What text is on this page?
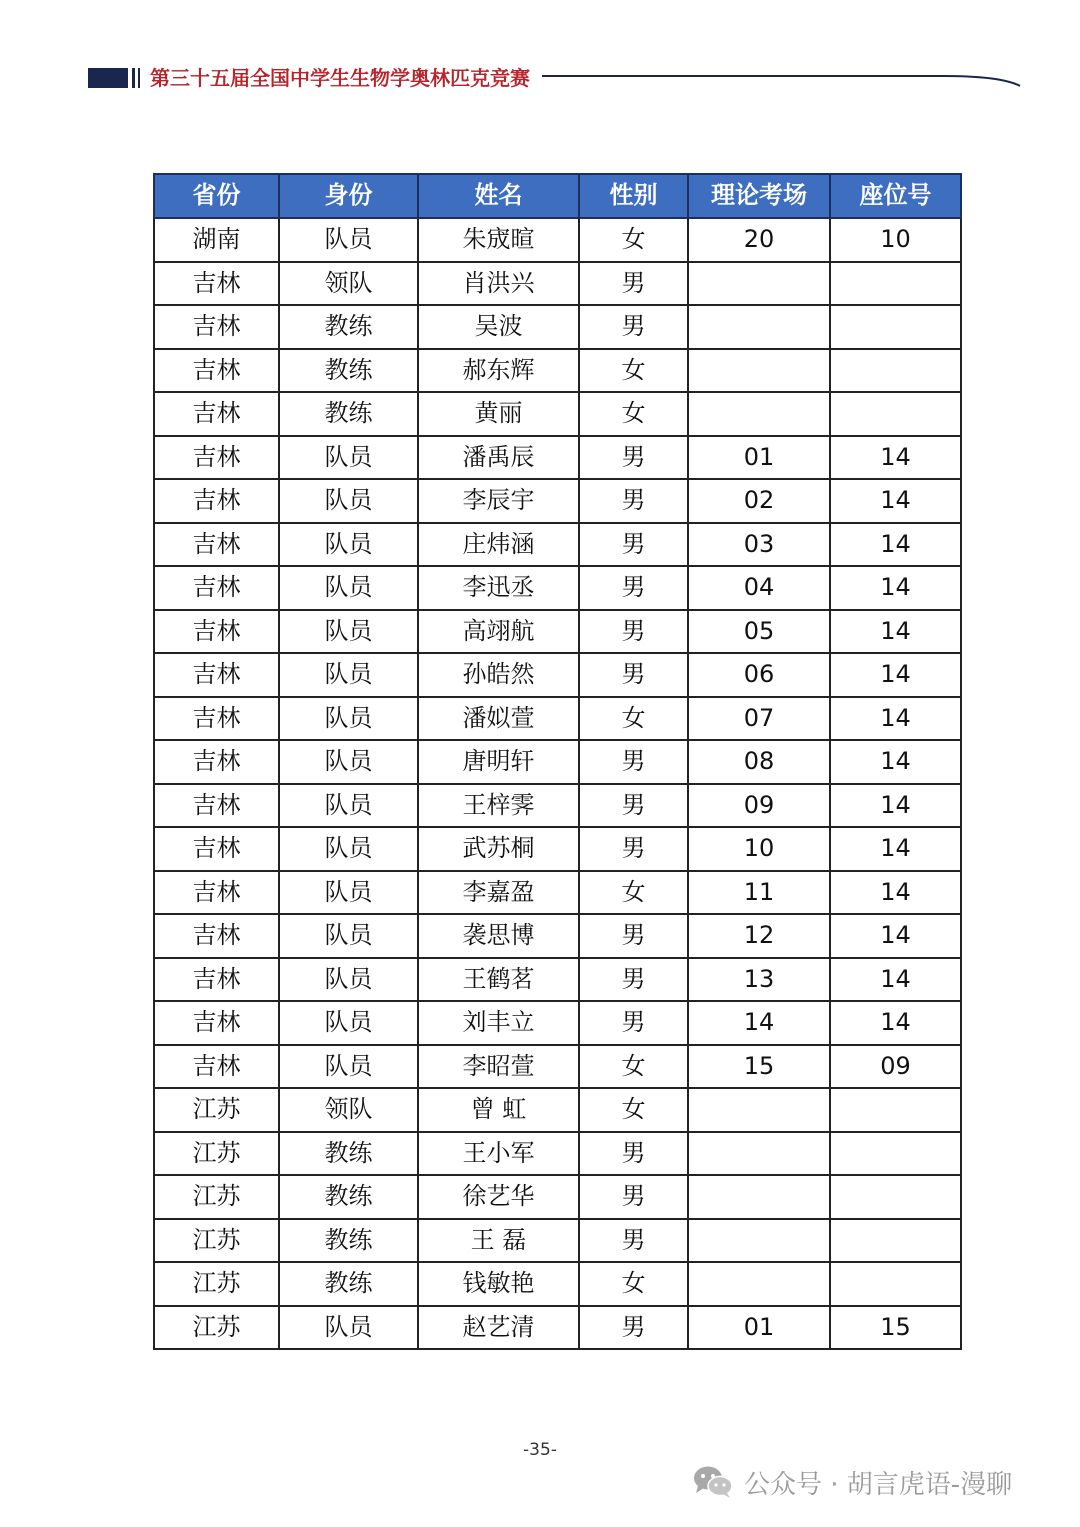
第三十五届全国中学生生物学奥林匹克竞赛
省份	身份	姓名	性别	理论考场	座位号
湖南	队员	朱宬暄	女	20	10
吉林	领队	肖洪兴	男		
吉林	教练	吴波	男		
吉林	教练	郝东辉	女		
吉林	教练	黄丽	女		
吉林	队员	潘禹辰	男	01	14
吉林	队员	李辰宇	男	02	14
吉林	队员	庄炜涵	男	03	14
吉林	队员	李迅丞	男	04	14
吉林	队员	高翊航	男	05	14
吉林	队员	孙皓然	男	06	14
吉林	队员	潘姒萱	女	07	14
吉林	队员	唐明轩	男	08	14
吉林	队员	王梓霁	男	09	14
吉林	队员	武苏桐	男	10	14
吉林	队员	李嘉盈	女	11	14
吉林	队员	袭思博	男	12	14
吉林	队员	王鹤茗	男	13	14
吉林	队员	刘丰立	男	14	14
吉林	队员	李昭萱	女	15	09
江苏	领队	曾 虹	女		
江苏	教练	王小军	男		
江苏	教练	徐艺华	男		
江苏	教练	王 磊	男		
江苏	教练	钱敏艳	女		
江苏	队员	赵艺清	男	01	15
-35-
公众号 · 胡言虎语-漫聊
